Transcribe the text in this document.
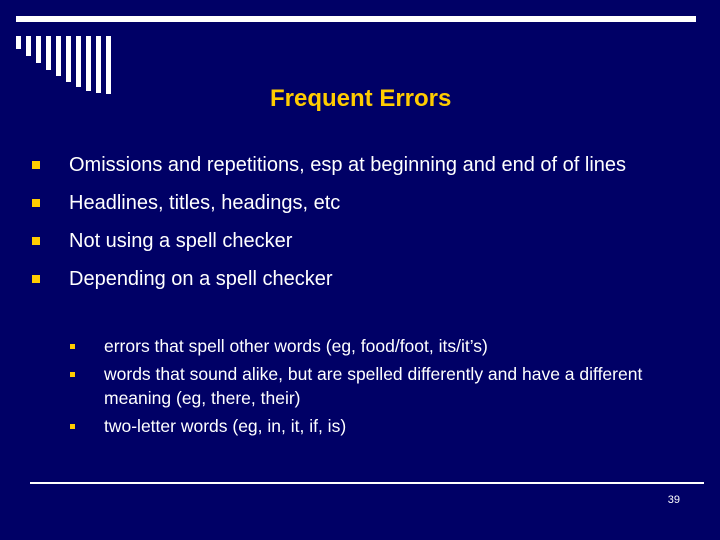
Frequent Errors
Omissions and repetitions, esp at beginning and end of of lines
Headlines, titles, headings, etc
Not using a spell checker
Depending on a spell checker
errors that spell other words (eg, food/foot, its/it’s)
words that sound alike, but are spelled differently and have a different meaning (eg, there, their)
two-letter words (eg, in, it, if, is)
39
